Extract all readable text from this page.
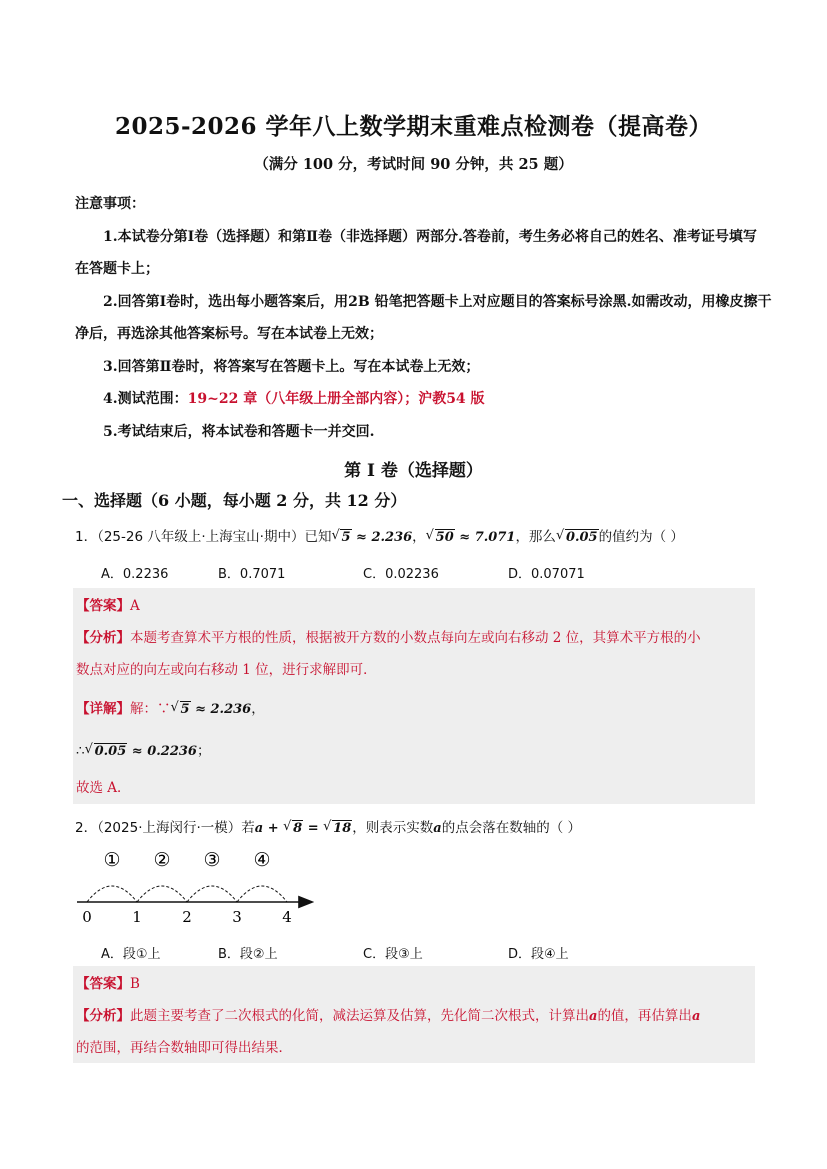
2025-2026 学年八上数学期末重难点检测卷（提高卷）
（满分 100 分，考试时间 90 分钟，共 25 题）
注意事项：
1.本试卷分第Ⅰ卷（选择题）和第Ⅱ卷（非选择题）两部分.答卷前，考生务必将自己的姓名、准考证号填写
在答题卡上；
2.回答第Ⅰ卷时，选出每小题答案后，用2B 铅笔把答题卡上对应题目的答案标号涂黑.如需改动，用橡皮擦干
净后，再选涂其他答案标号。写在本试卷上无效；
3.回答第Ⅱ卷时，将答案写在答题卡上。写在本试卷上无效；
4.测试范围：19~22 章（八年级上册全部内容）；沪教54 版
5.考试结束后，将本试卷和答题卡一并交回.
第 I 卷（选择题）
一、选择题（6 小题，每小题 2 分，共 12 分）
1．（25-26 八年级上·上海宝山·期中）已知 √ 5 ≈ 2.236， √ 50 ≈ 7.071，那么 √ 0.05的值约为（ ）
A．0.2236	B．0.7071	C．0.02236	D．0.07071
【答案】A
【分析】本题考查算术平方根的性质，根据被开方数的小数点每向左或向右移动 2 位，其算术平方根的小
数点对应的向左或向右移动 1 位，进行求解即可．
【详解】解：∵ √ 5 ≈ 2.236，
∴ √ 0.05 ≈ 0.2236；
故选 A．
2．（2025·上海闵行·一模）若a + √ 8 = √ 18，则表示实数a的点会落在数轴的（ ）
① ② ③ ④
0	1	2	3	4
A．段①上	B．段②上	C．段③上	D．段④上
【答案】B
【分析】此题主要考查了二次根式的化简，减法运算及估算，先化简二次根式，计算出a的值，再估算出a
的范围，再结合数轴即可得出结果．
